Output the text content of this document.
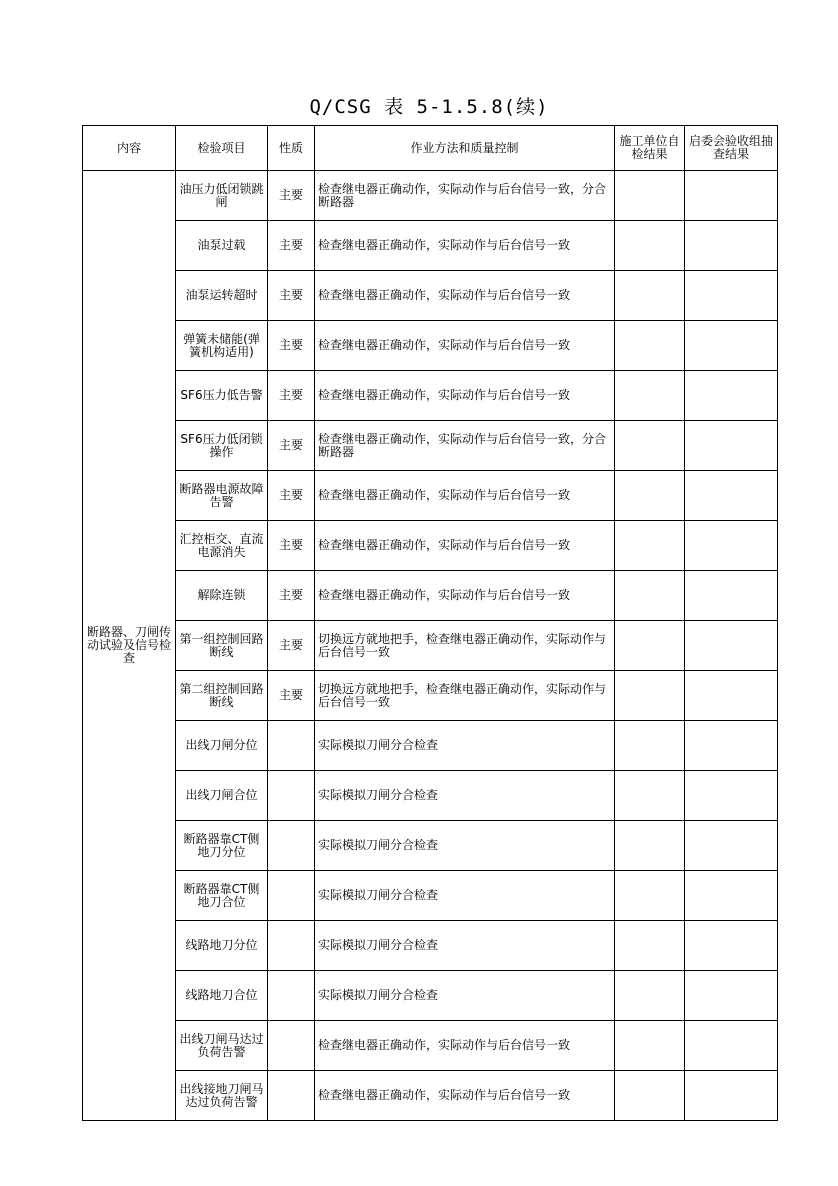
Q/CSG 表 5-1.5.8(续)
内容	检验项目	性质	作业方法和质量控制	施工单位自检结果	启委会验收组抽查结果
断路器、刀闸传动试验及信号检查	油压力低闭锁跳闸	主要	检查继电器正确动作，实际动作与后台信号一致，分合断路器		
	油泵过载	主要	检查继电器正确动作，实际动作与后台信号一致		
	油泵运转超时	主要	检查继电器正确动作，实际动作与后台信号一致		
	弹簧未储能(弹簧机构适用)	主要	检查继电器正确动作，实际动作与后台信号一致		
	SF6压力低告警	主要	检查继电器正确动作，实际动作与后台信号一致		
	SF6压力低闭锁操作	主要	检查继电器正确动作，实际动作与后台信号一致，分合断路器		
	断路器电源故障告警	主要	检查继电器正确动作，实际动作与后台信号一致		
	汇控柜交、直流电源消失	主要	检查继电器正确动作，实际动作与后台信号一致		
	解除连锁	主要	检查继电器正确动作，实际动作与后台信号一致		
	第一组控制回路断线	主要	切换远方就地把手，检查继电器正确动作，实际动作与后台信号一致		
	第二组控制回路断线	主要	切换远方就地把手，检查继电器正确动作，实际动作与后台信号一致		
	出线刀闸分位		实际模拟刀闸分合检查		
	出线刀闸合位		实际模拟刀闸分合检查		
	断路器靠CT侧地刀分位		实际模拟刀闸分合检查		
	断路器靠CT侧地刀合位		实际模拟刀闸分合检查		
	线路地刀分位		实际模拟刀闸分合检查		
	线路地刀合位		实际模拟刀闸分合检查		
	出线刀闸马达过负荷告警		检查继电器正确动作，实际动作与后台信号一致		
	出线接地刀闸马达过负荷告警		检查继电器正确动作，实际动作与后台信号一致		
